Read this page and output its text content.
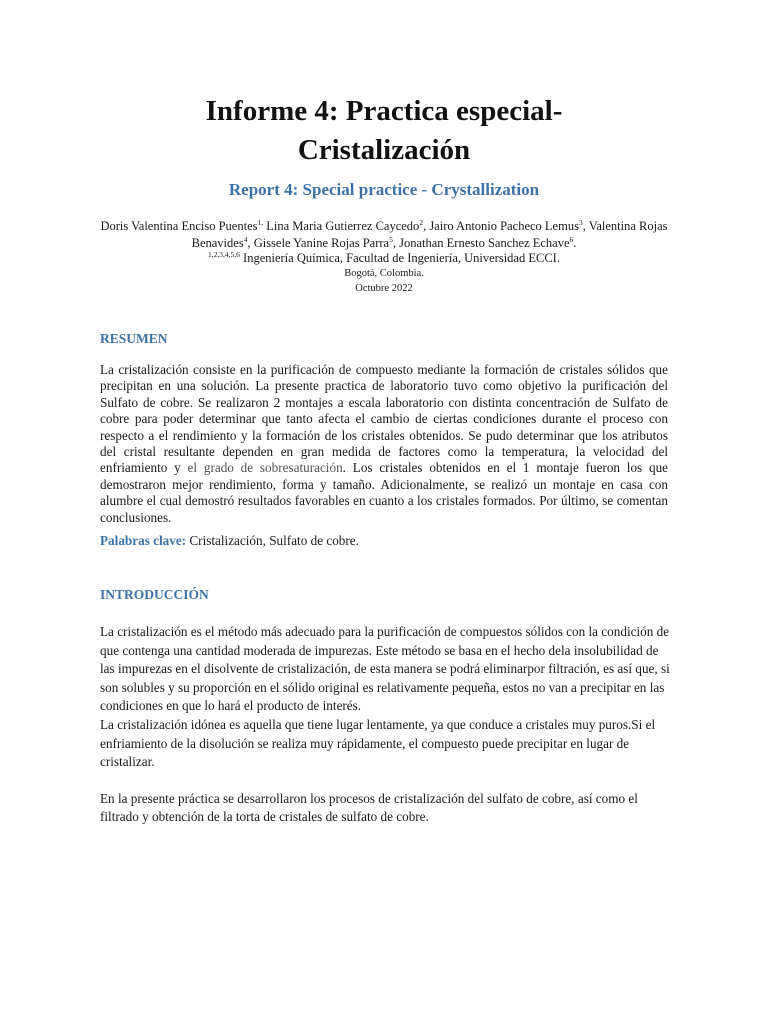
Informe 4: Practica especial-
Cristalización
Report 4: Special practice - Crystallization
Doris Valentina Enciso Puentes$^{1,}$ Lina Maria Gutierrez Caycedo$^2$, Jairo Antonio Pacheco Lemus$^3$, Valentina Rojas Benavides$^4$, Gissele Yanine Rojas Parra$^5$, Jonathan Ernesto Sanchez Echave$^6$.
$^{1,2,3,4,5,6}$ Ingeniería Química, Facultad de Ingeniería, Universidad ECCI.
Bogotá, Colombia.
Octubre 2022
RESUMEN

La cristalización consiste en la purificación de compuesto mediante la formación de cristales sólidos que precipitan en una solución. La presente practica de laboratorio tuvo como objetivo la purificación del Sulfato de cobre. Se realizaron 2 montajes a escala laboratorio con distinta concentración de Sulfato de cobre para poder determinar que tanto afecta el cambio de ciertas condiciones durante el proceso con respecto a el rendimiento y la formación de los cristales obtenidos. Se pudo determinar que los atributos del cristal resultante dependen en gran medida de factores como la temperatura, la velocidad del enfriamiento y el grado de sobresaturación. Los cristales obtenidos en el 1 montaje fueron los que demostraron mejor rendimiento, forma y tamaño. Adicionalmente, se realizó un montaje en casa con alumbre el cual demostró resultados favorables en cuanto a los cristales formados. Por último, se comentan conclusiones.

Palabras clave: Cristalización, Sulfato de cobre.
INTRODUCCIÓN

La cristalización es el método más adecuado para la purificación de compuestos sólidos con la condición de que contenga una cantidad moderada de impurezas. Este método se basa en el hecho dela insolubilidad de las impurezas en el disolvente de cristalización, de esta manera se podrá eliminarpor filtración, es así que, si son solubles y su proporción en el sólido original es relativamente pequeña, estos no van a precipitar en las condiciones en que lo hará el producto de interés.

La cristalización idónea es aquella que tiene lugar lentamente, ya que conduce a cristales muy puros.Si el enfriamiento de la disolución se realiza muy rápidamente, el compuesto puede precipitar en lugar de cristalizar.

En la presente práctica se desarrollaron los procesos de cristalización del sulfato de cobre, así como el filtrado y obtención de la torta de cristales de sulfato de cobre.
